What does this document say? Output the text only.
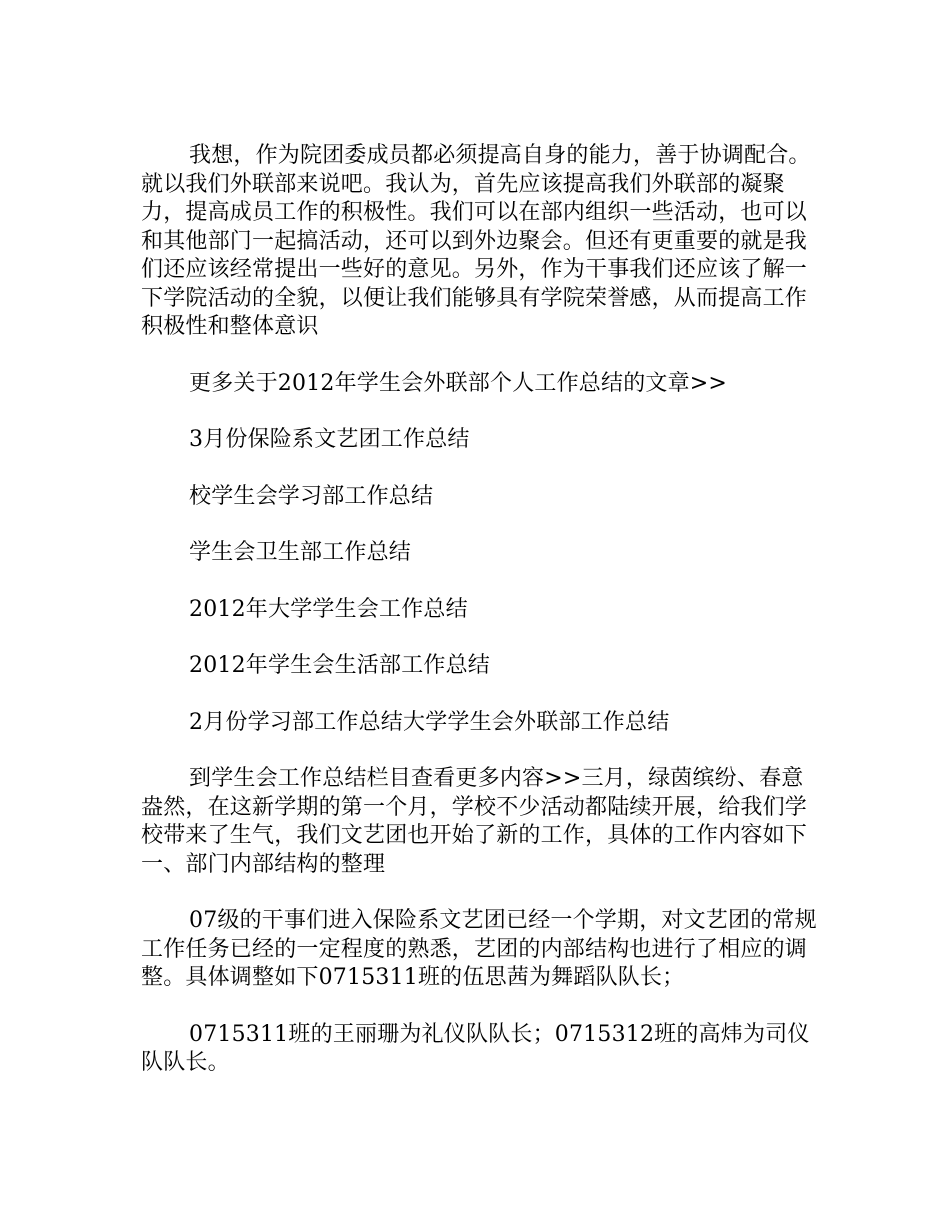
我想，作为院团委成员都必须提高自身的能力，善于协调配合。就以我们外联部来说吧。我认为，首先应该提高我们外联部的凝聚力，提高成员工作的积极性。我们可以在部内组织一些活动，也可以和其他部门一起搞活动，还可以到外边聚会。但还有更重要的就是我们还应该经常提出一些好的意见。另外，作为干事我们还应该了解一下学院活动的全貌，以便让我们能够具有学院荣誉感，从而提高工作积极性和整体意识

更多关于2012年学生会外联部个人工作总结的文章>>

3月份保险系文艺团工作总结

校学生会学习部工作总结

学生会卫生部工作总结

2012年大学学生会工作总结

2012年学生会生活部工作总结

2月份学习部工作总结大学学生会外联部工作总结

到学生会工作总结栏目查看更多内容>>三月，绿茵缤纷、春意盎然，在这新学期的第一个月，学校不少活动都陆续开展，给我们学校带来了生气，我们文艺团也开始了新的工作，具体的工作内容如下一、部门内部结构的整理

07级的干事们进入保险系文艺团已经一个学期，对文艺团的常规工作任务已经的一定程度的熟悉，艺团的内部结构也进行了相应的调整。具体调整如下0715311班的伍思茜为舞蹈队队长；

0715311班的王丽珊为礼仪队队长；0715312班的高炜为司仪队队长。
